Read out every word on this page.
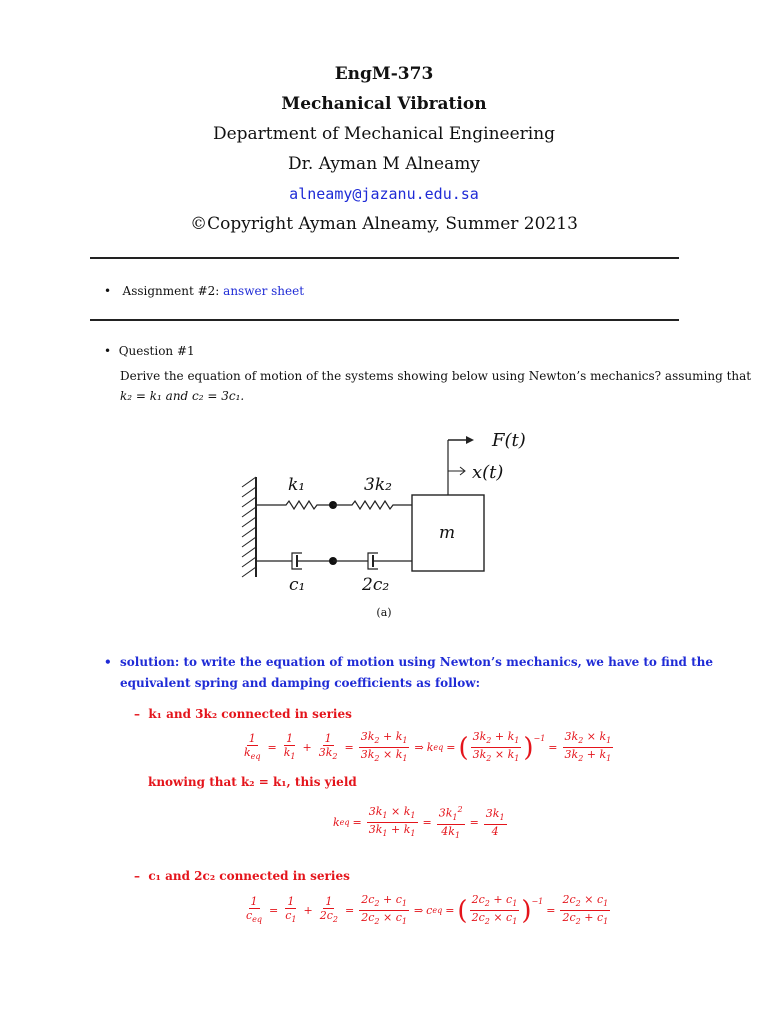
EngM-373
Mechanical Vibration
Department of Mechanical Engineering
Dr. Ayman M Alneamy
alneamy@jazanu.edu.sa
©Copyright Ayman Alneamy, Summer 20213
•   Assignment #2: answer sheet
•  Question #1
Derive the equation of motion of the systems showing below using Newton’s mechanics? assuming that
k₂ = k₁ and c₂ = 3c₁.
F(t)
x(t)
k₁	3k₂
m
c₁	2c₂
(a)
•  solution: to write the equation of motion using Newton’s mechanics, we have to find the
equivalent spring and damping coefficients as follow:
–  k₁ and 3k₂ connected in series
$\frac{1}{k_{eq}} = \frac{1}{k_1} + \frac{1}{3k_2} = \frac{3k_2 + k_1}{3k_2 \times k_1}$ ⇒ k eq = ( $\frac{3k_2 + k_1}{3k_2 \times k_1} )^{-1}$
= $\frac{3k_2 \times k_1}{3k_2 + k_1}$
knowing that k₂ = k₁, this yield
k eq = $\frac{3k_1 \times k_1}{3k_1 + k_1} = \frac{3k_1^2}{4k_1} = \frac{3k_1}{4}$
–  c₁ and 2c₂ connected in series
$\frac{1}{c_{eq}} = \frac{1}{c_1} + \frac{1}{2c_2} = \frac{2c_2 + c_1}{2c_2 \times c_1}$ ⇒ c eq = ( $\frac{2c_2 + c_1}{2c_2 \times c_1} )^{-1}$
= $\frac{2c_2 \times c_1}{2c_2 + c_1}$
